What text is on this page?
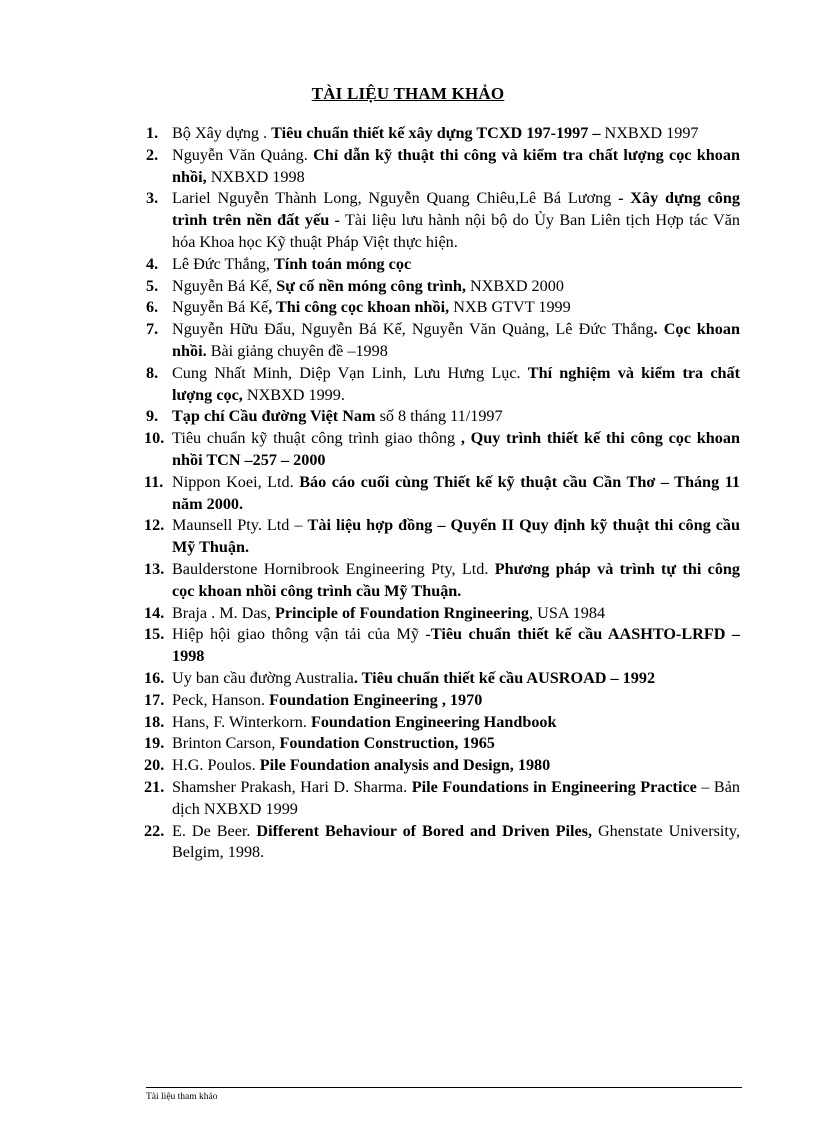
TÀI LIỆU THAM KHẢO
1. Bộ Xây dựng . Tiêu chuẩn thiết kế xây dựng TCXD 197-1997 – NXBXD 1997
2. Nguyễn Văn Quảng. Chỉ dẫn kỹ thuật thi công và kiểm tra chất lượng cọc khoan nhồi, NXBXD 1998
3. Lariel Nguyễn Thành Long, Nguyễn Quang Chiêu,Lê Bá Lương - Xây dựng công trình trên nền đất yếu - Tài liệu lưu hành nội bộ do Ủy Ban Liên tịch Hợp tác Văn hóa Khoa học Kỹ thuật Pháp Việt thực hiện.
4. Lê Đức Thắng, Tính toán móng cọc
5. Nguyễn Bá Kế, Sự cố nền móng công trình, NXBXD 2000
6. Nguyễn Bá Kế, Thi công cọc khoan nhồi, NXB GTVT 1999
7. Nguyễn Hữu Đẩu, Nguyễn Bá Kế, Nguyễn Văn Quảng, Lê Đức Thắng. Cọc khoan nhồi. Bài giảng chuyên đề –1998
8. Cung Nhất Minh, Diệp Vạn Linh, Lưu Hưng Lục. Thí nghiệm và kiểm tra chất lượng cọc, NXBXD 1999.
9. Tạp chí Cầu đường Việt Nam số 8 tháng 11/1997
10. Tiêu chuẩn kỹ thuật công trình giao thông , Quy trình thiết kế thi công cọc khoan nhồi TCN –257 – 2000
11. Nippon Koei, Ltd. Báo cáo cuối cùng Thiết kế kỹ thuật cầu Cần Thơ – Tháng 11 năm 2000.
12. Maunsell Pty. Ltd – Tài liệu hợp đồng – Quyển II Quy định kỹ thuật thi công cầu Mỹ Thuận.
13. Baulderstone Hornibrook Engineering Pty, Ltd. Phương pháp và trình tự thi công cọc khoan nhồi công trình cầu Mỹ Thuận.
14. Braja . M. Das, Principle of Foundation Rngineering, USA 1984
15. Hiệp hội giao thông vận tải của Mỹ -Tiêu chuẩn thiết kế cầu AASHTO-LRFD – 1998
16. Uy ban cầu đường Australia. Tiêu chuẩn thiết kế cầu AUSROAD – 1992
17. Peck, Hanson. Foundation Engineering , 1970
18. Hans, F. Winterkorn. Foundation Engineering Handbook
19. Brinton Carson, Foundation Construction, 1965
20. H.G. Poulos. Pile Foundation analysis and Design, 1980
21. Shamsher Prakash, Hari D. Sharma. Pile Foundations in Engineering Practice – Bản dịch NXBXD 1999
22. E. De Beer. Different Behaviour of Bored and Driven Piles, Ghenstate University, Belgim, 1998.
Tài liệu tham khảo
